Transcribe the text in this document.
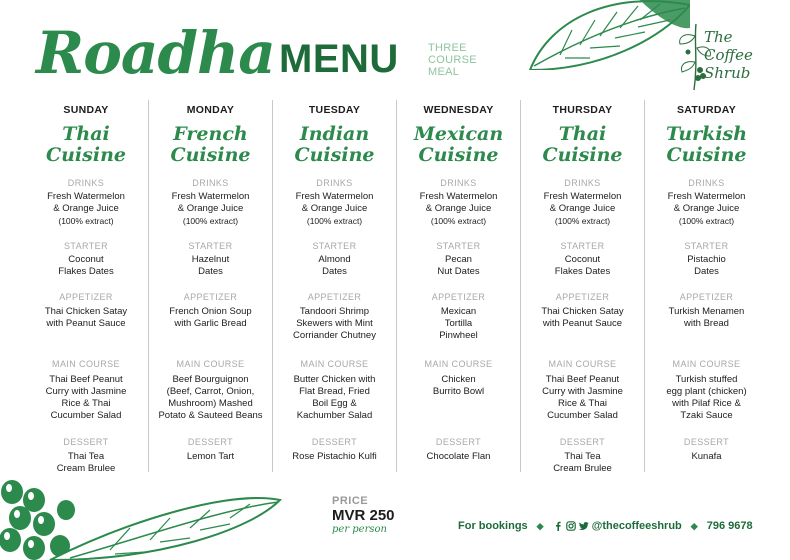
Roadha MENU	THREE
COURSE
MEAL
The
Coffee
Shrub
SUNDAY
Thai
Cuisine
DRINKS
Fresh Watermelon
& Orange Juice
(100% extract)
STARTER
Coconut
Flakes Dates
APPETIZER
Thai Chicken Satay
with Peanut Sauce
MAIN COURSE
Thai Beef Peanut
Curry with Jasmine
Rice & Thai
Cucumber Salad
DESSERT
Thai Tea
Cream Brulee
MONDAY
French
Cuisine
DRINKS
Fresh Watermelon
& Orange Juice
(100% extract)
STARTER
Hazelnut
Dates
APPETIZER
French Onion Soup
with Garlic Bread
MAIN COURSE
Beef Bourguignon
(Beef, Carrot, Onion,
Mushroom) Mashed
Potato & Sauteed Beans
DESSERT
Lemon Tart
TUESDAY
Indian
Cuisine
DRINKS
Fresh Watermelon
& Orange Juice
(100% extract)
STARTER
Almond
Dates
APPETIZER
Tandoori Shrimp
Skewers with Mint
Corriander Chutney
MAIN COURSE
Butter Chicken with
Flat Bread, Fried
Boil Egg &
Kachumber Salad
DESSERT
Rose Pistachio Kulfi
WEDNESDAY
Mexican
Cuisine
DRINKS
Fresh Watermelon
& Orange Juice
(100% extract)
STARTER
Pecan
Nut Dates
APPETIZER
Mexican
Tortilla
Pinwheel
MAIN COURSE
Chicken
Burrito Bowl
DESSERT
Chocolate Flan
THURSDAY
Thai
Cuisine
DRINKS
Fresh Watermelon
& Orange Juice
(100% extract)
STARTER
Coconut
Flakes Dates
APPETIZER
Thai Chicken Satay
with Peanut Sauce
MAIN COURSE
Thai Beef Peanut
Curry with Jasmine
Rice & Thai
Cucumber Salad
DESSERT
Thai Tea
Cream Brulee
SATURDAY
Turkish
Cuisine
DRINKS
Fresh Watermelon
& Orange Juice
(100% extract)
STARTER
Pistachio
Dates
APPETIZER
Turkish Menamen
with Bread
MAIN COURSE
Turkish stuffed
egg plant (chicken)
with Pilaf Rice &
Tzaki Sauce
DESSERT
Kunafa
PRICE
MVR 250
per person	For bookings ◆	@thecoffeeshrub ◆ 796 9678
